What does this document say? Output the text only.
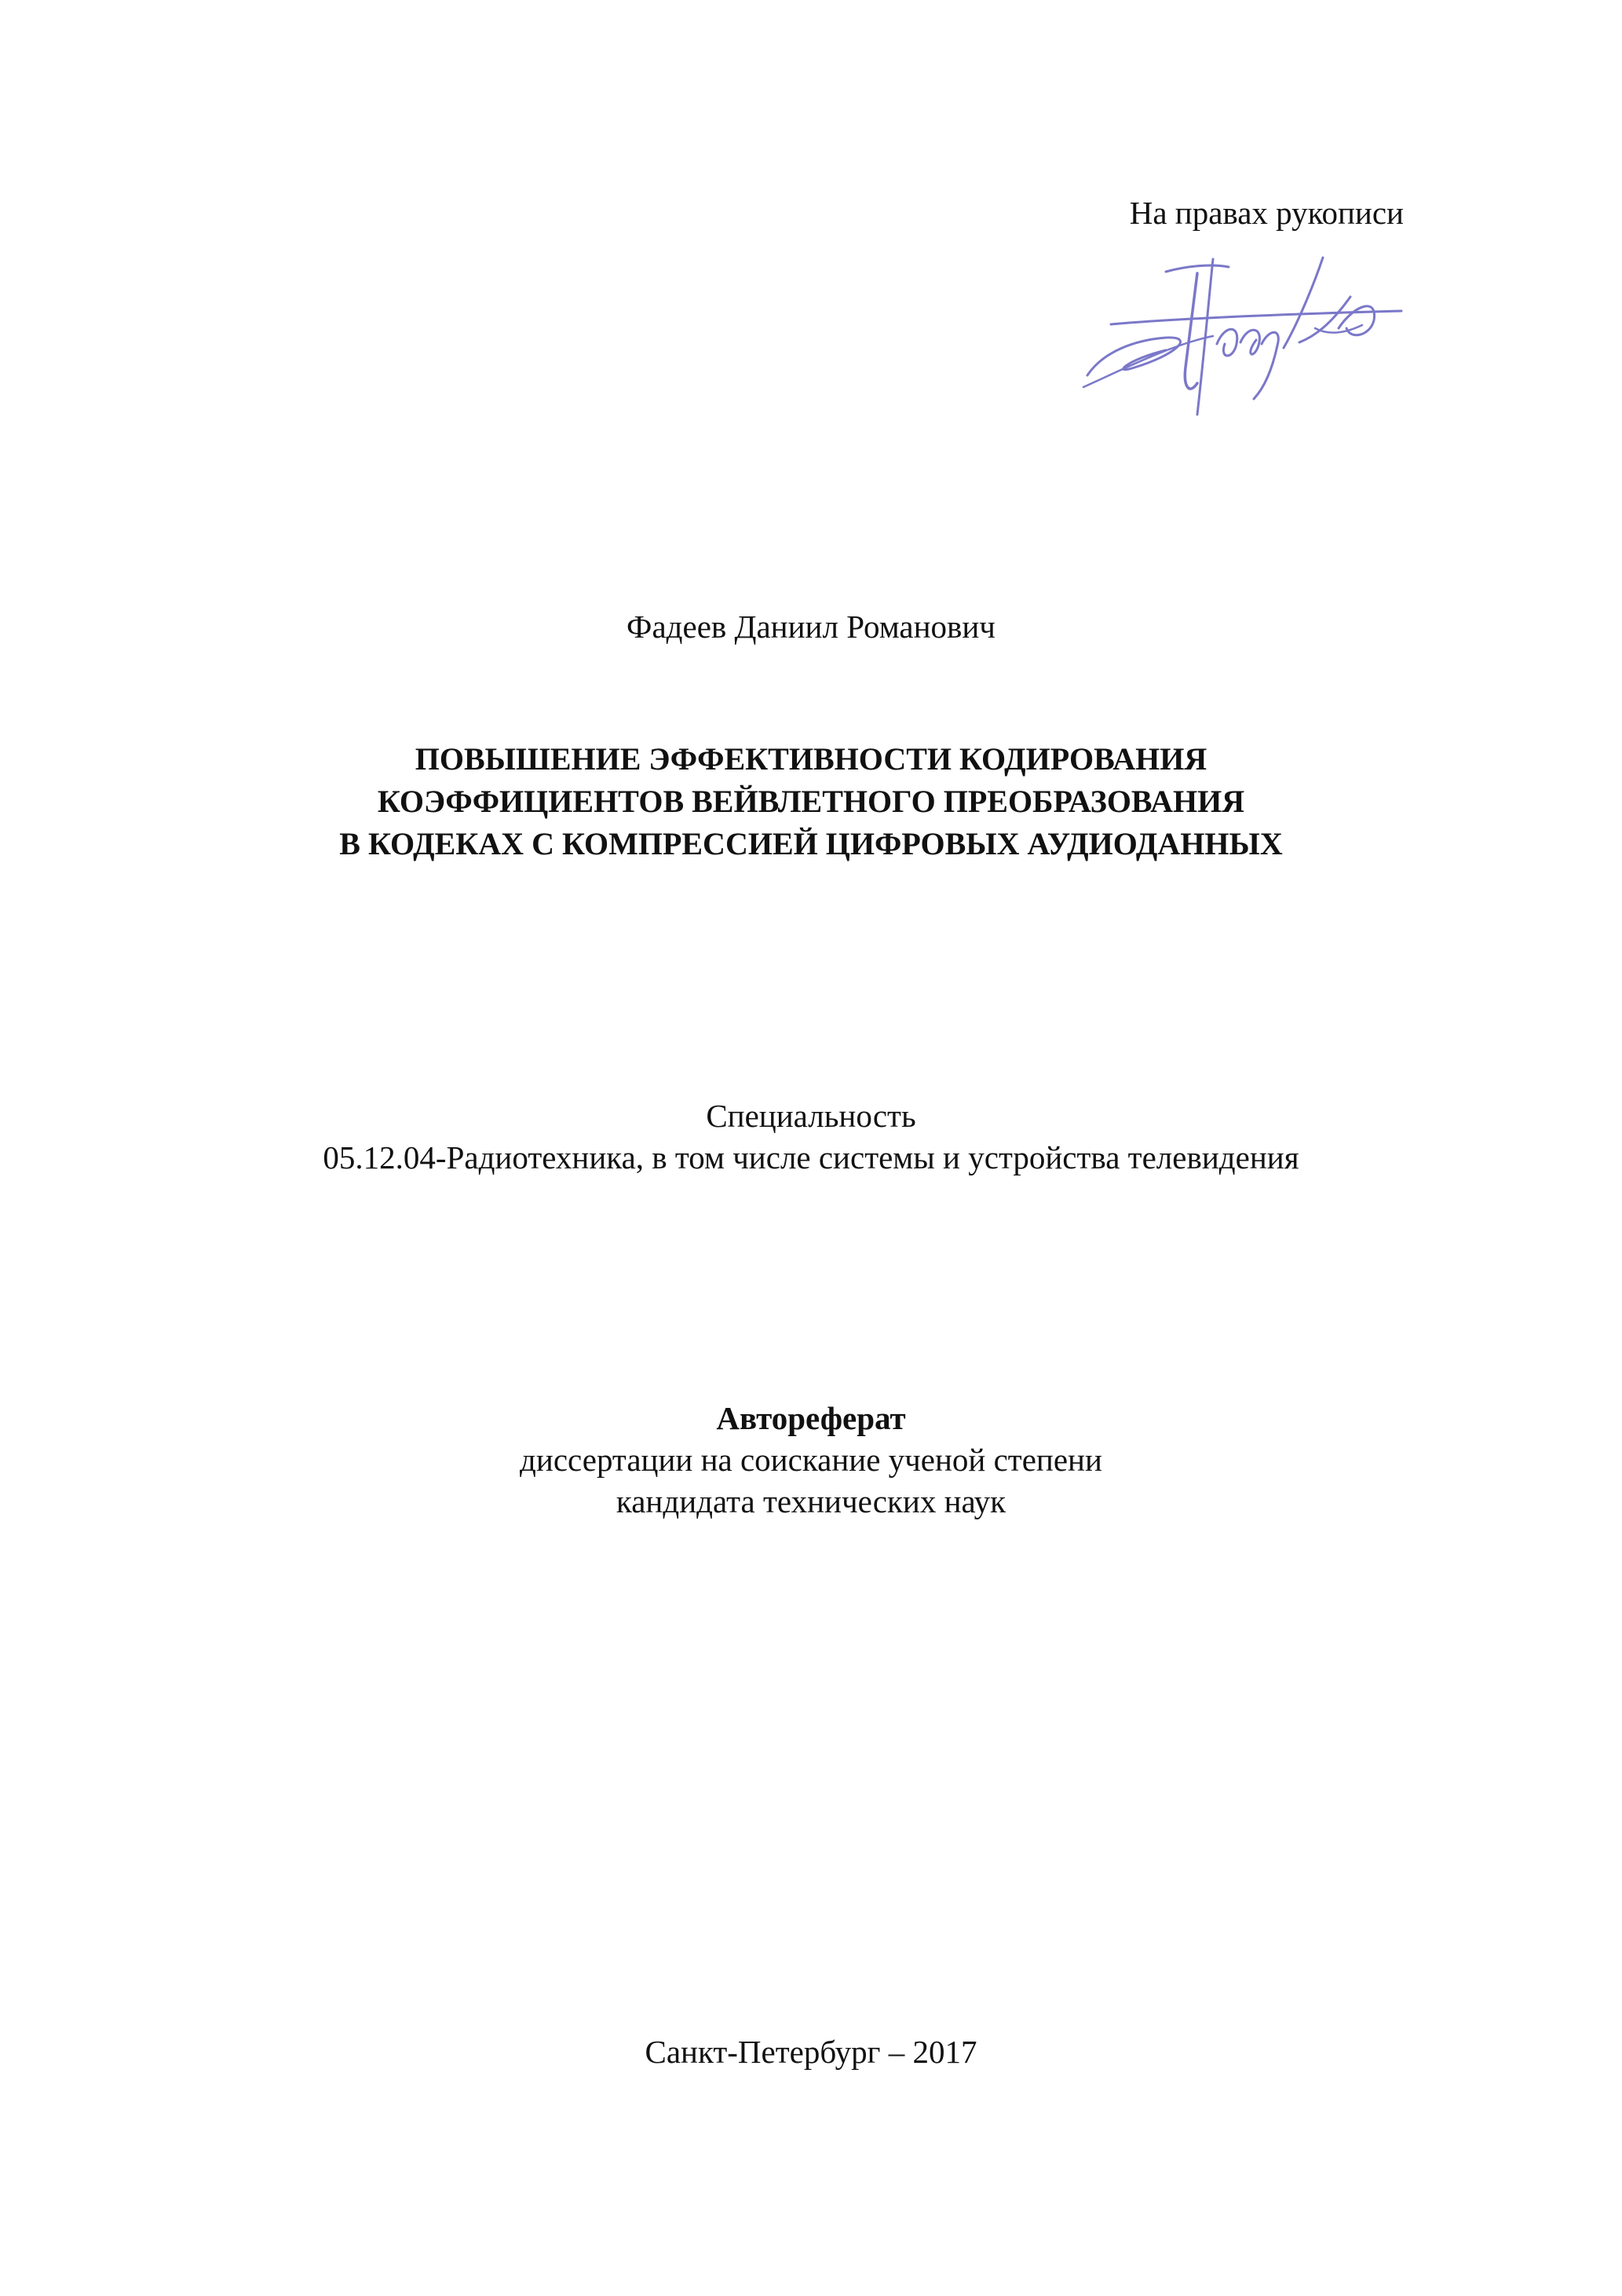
На правах рукописи
Фадеев Даниил Романович
ПОВЫШЕНИЕ ЭФФЕКТИВНОСТИ КОДИРОВАНИЯ
КОЭФФИЦИЕНТОВ ВЕЙВЛЕТНОГО ПРЕОБРАЗОВАНИЯ
В КОДЕКАХ С КОМПРЕССИЕЙ ЦИФРОВЫХ АУДИОДАННЫХ
Специальность
05.12.04-Радиотехника, в том числе системы и устройства телевидения
Автореферат
диссертации на соискание ученой степени
кандидата технических наук
Санкт-Петербург – 2017
